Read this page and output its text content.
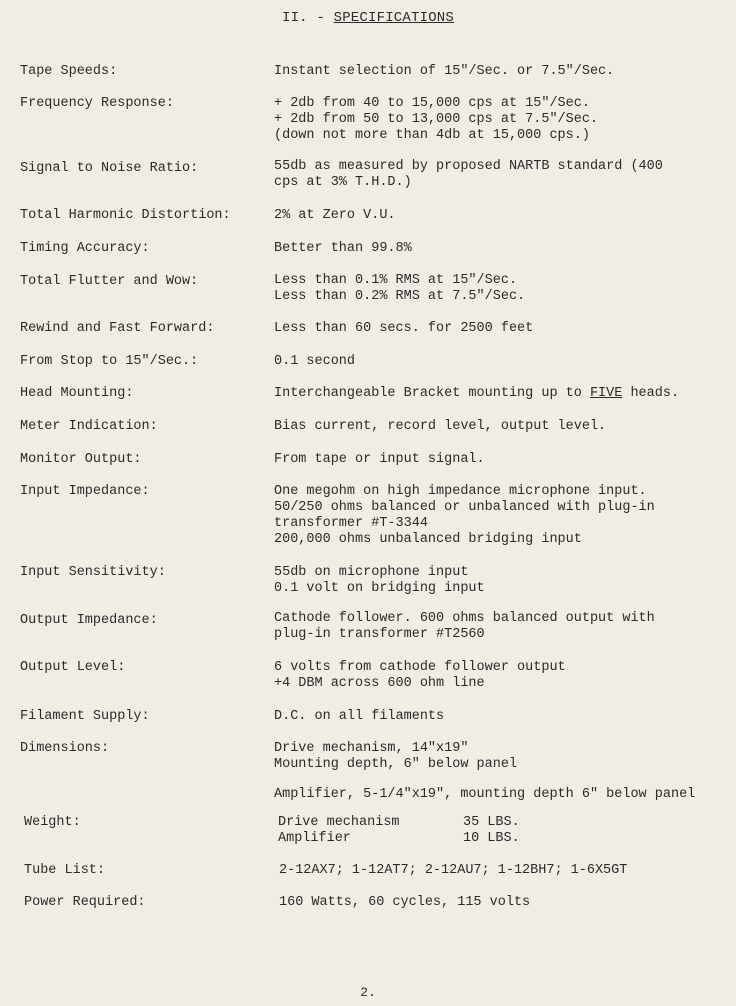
II. - SPECIFICATIONS
Tape Speeds:	Instant selection of 15"/Sec. or 7.5"/Sec.
Frequency Response:	+ 2db from 40 to 15,000 cps at 15"/Sec.
+ 2db from 50 to 13,000 cps at 7.5"/Sec.
(down not more than 4db at 15,000 cps.)
Signal to Noise Ratio:	55db as measured by proposed NARTB standard (400
cps at 3% T.H.D.)
Total Harmonic Distortion:	2% at Zero V.U.
Timing Accuracy:	Better than 99.8%
Total Flutter and Wow:	Less than 0.1% RMS at 15"/Sec.
Less than 0.2% RMS at 7.5"/Sec.
Rewind and Fast Forward:	Less than 60 secs. for 2500 feet
From Stop to 15"/Sec.:	0.1 second
Head Mounting:	Interchangeable Bracket mounting up to FIVE heads.
Meter Indication:	Bias current, record level, output level.
Monitor Output:	From tape or input signal.
Input Impedance:	One megohm on high impedance microphone input.
50/250 ohms balanced or unbalanced with plug-in
transformer #T-3344
200,000 ohms unbalanced bridging input
Input Sensitivity:	55db on microphone input
0.1 volt on bridging input
Output Impedance:	Cathode follower. 600 ohms balanced output with
plug-in transformer #T2560
Output Level:	6 volts from cathode follower output
+4 DBM across 600 ohm line
Filament Supply:	D.C. on all filaments
Dimensions:	Drive mechanism, 14"x19"
Mounting depth, 6" below panel
Amplifier, 5-1/4"x19", mounting depth 6" below panel
Weight:	Drive mechanism	35 LBS.
Amplifier	10 LBS.
Tube List:	2-12AX7; 1-12AT7; 2-12AU7; 1-12BH7; 1-6X5GT
Power Required:	160 Watts, 60 cycles, 115 volts
2.
